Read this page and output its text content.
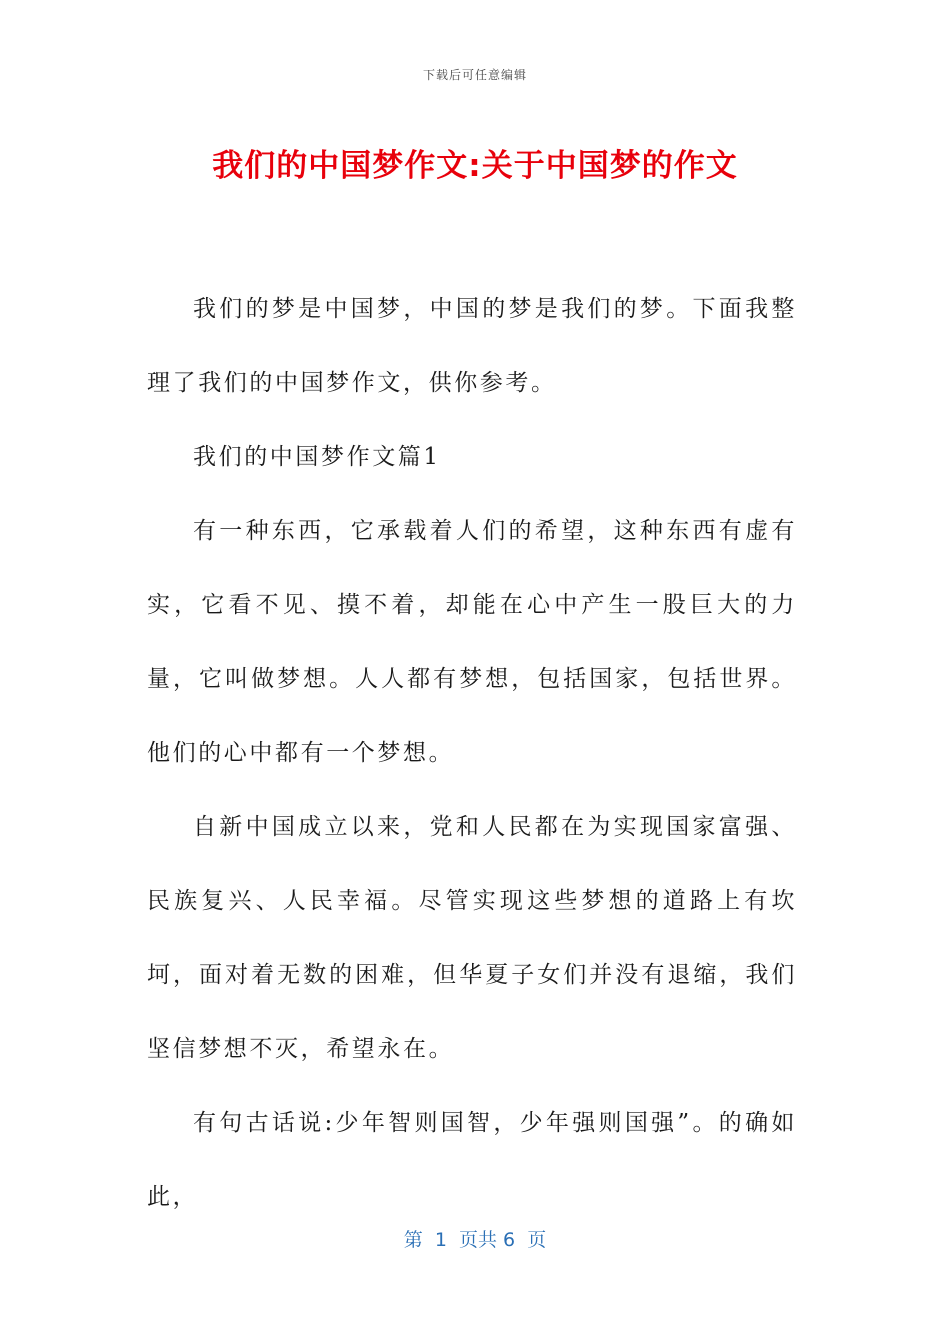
下载后可任意编辑
我们的中国梦作文:关于中国梦的作文

我们的梦是中国梦，中国的梦是我们的梦。下面我整理了我们的中国梦作文，供你参考。

我们的中国梦作文篇1

有一种东西，它承载着人们的希望，这种东西有虚有实，它看不见、摸不着，却能在心中产生一股巨大的力量，它叫做梦想。人人都有梦想，包括国家，包括世界。他们的心中都有一个梦想。

自新中国成立以来，党和人民都在为实现国家富强、民族复兴、人民幸福。尽管实现这些梦想的道路上有坎坷，面对着无数的困难，但华夏子女们并没有退缩，我们坚信梦想不灭，希望永在。

有句古话说:少年智则国智，少年强则国强”。的确如此，

第  1  页共 6  页
